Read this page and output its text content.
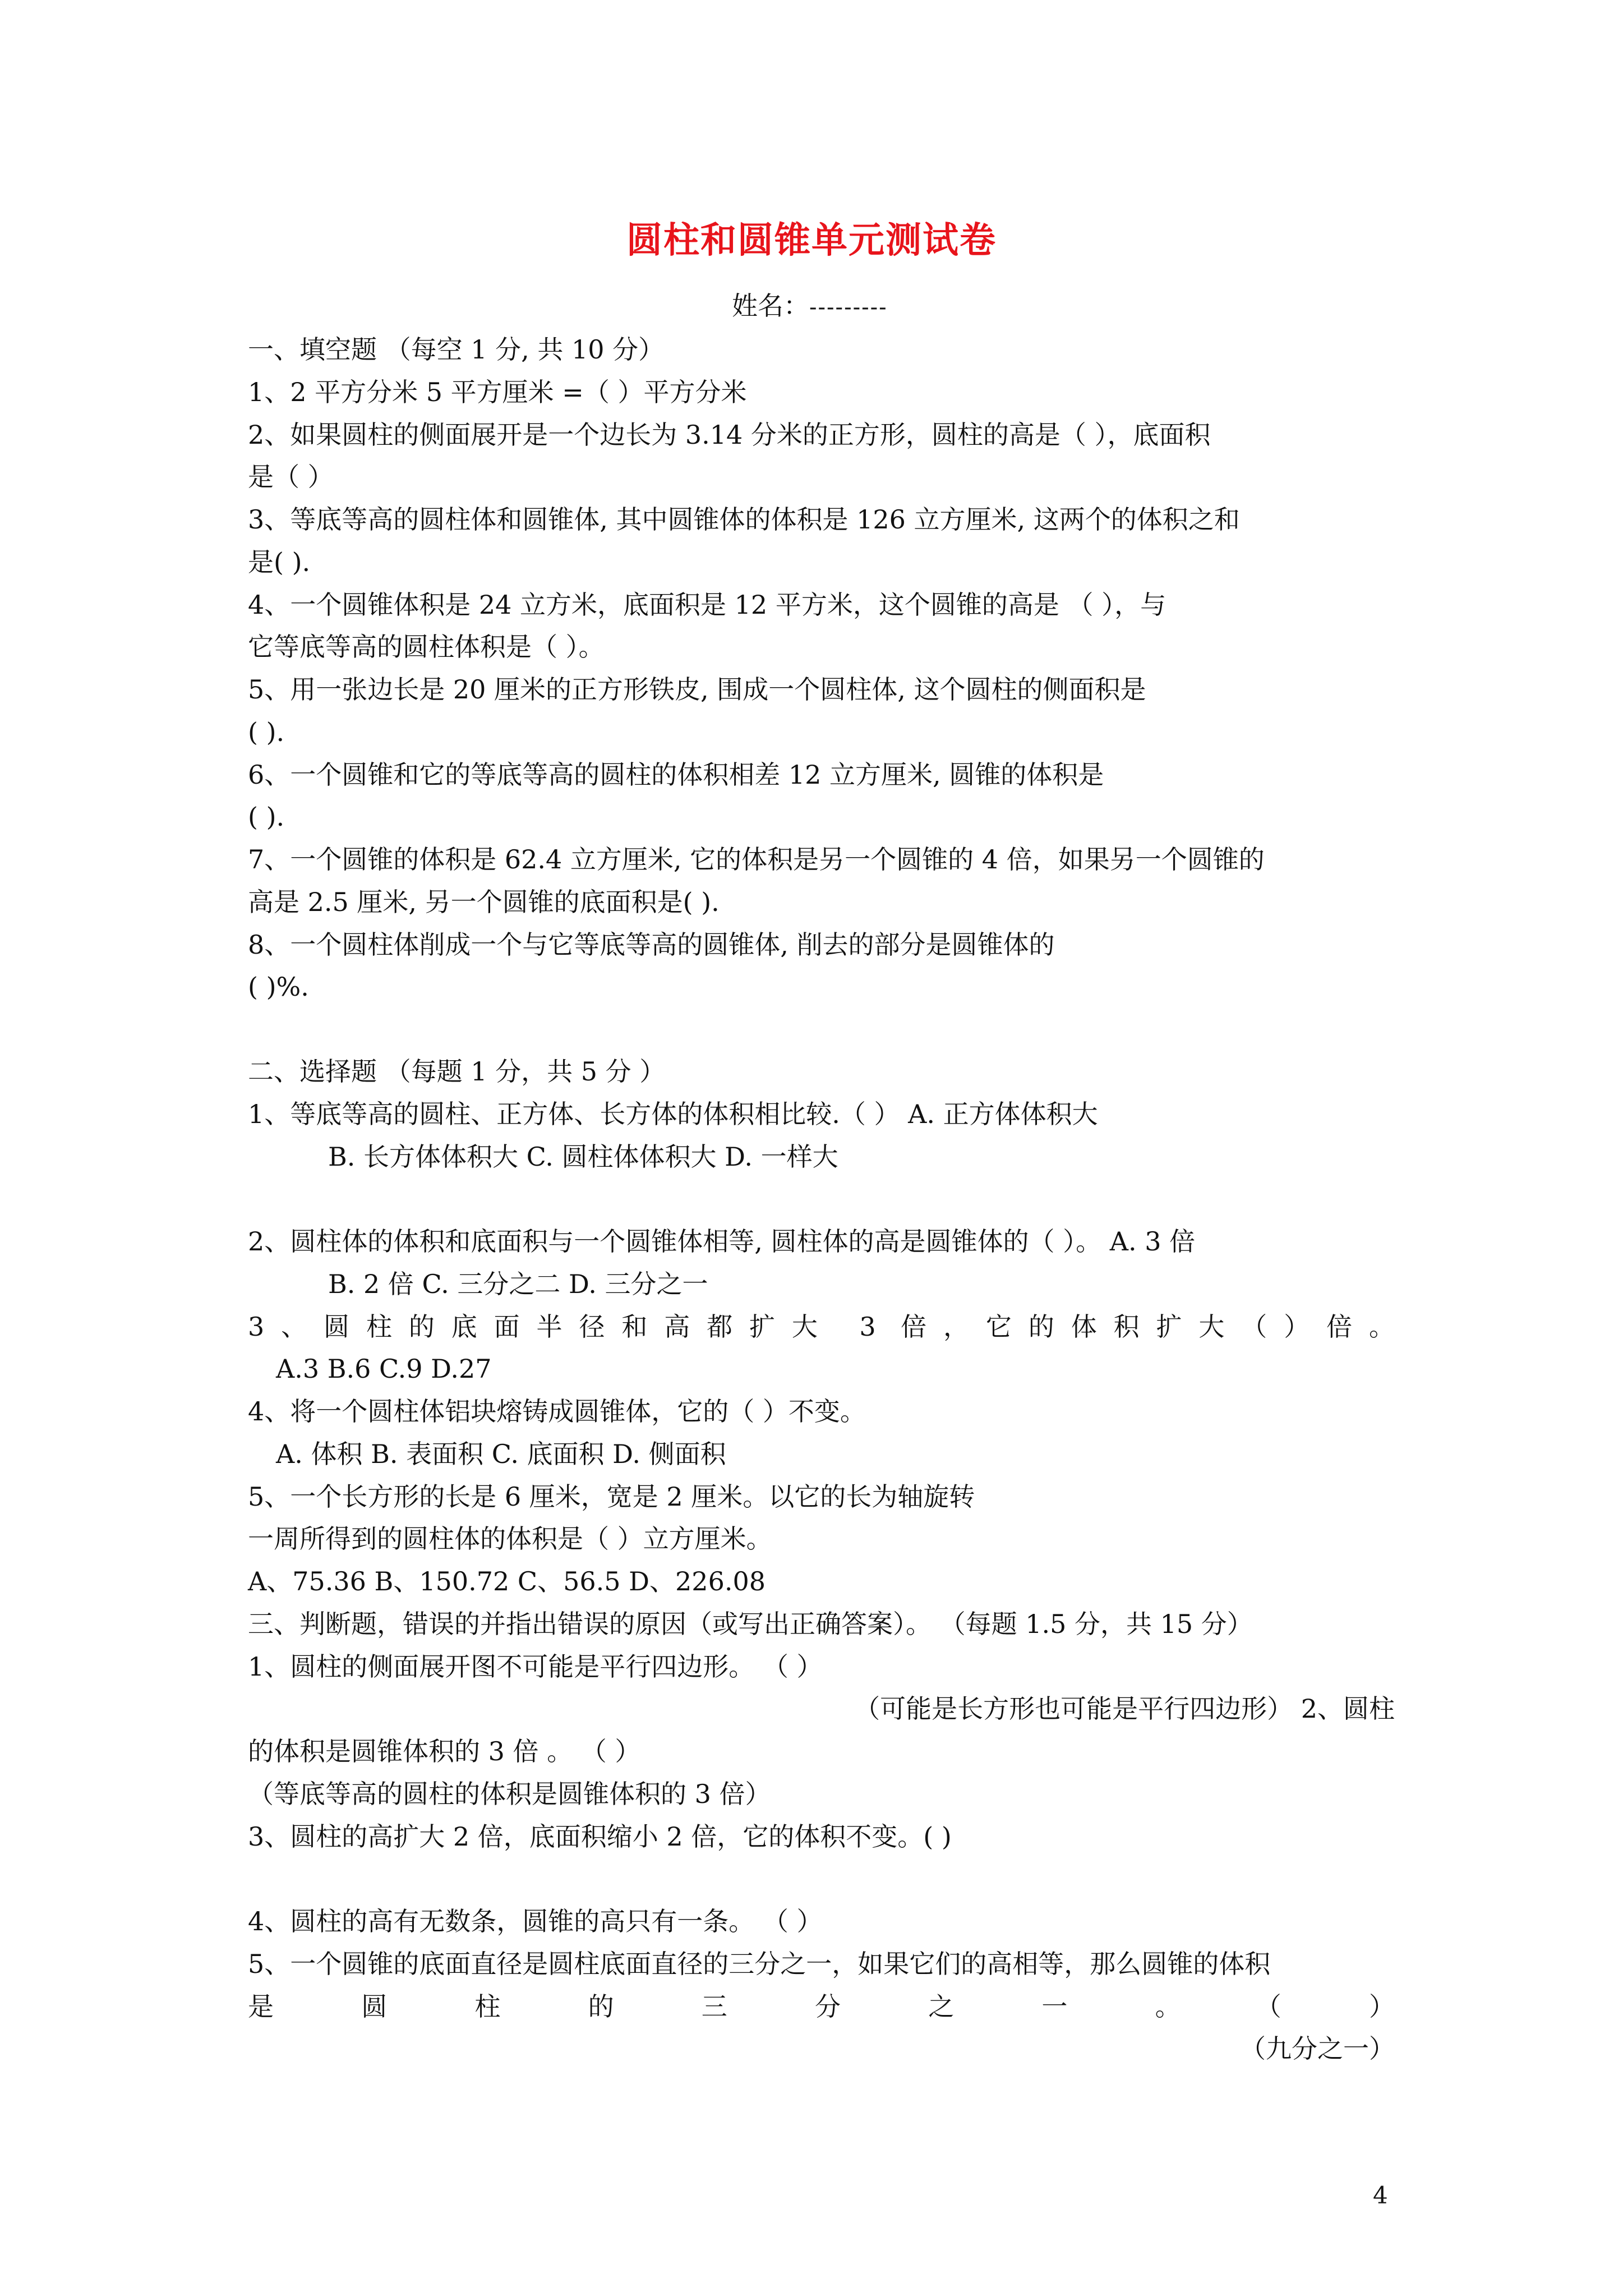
圆柱和圆锥单元测试卷
姓名：---------
一、填空题 （每空 1 分, 共 10 分）
1、2 平方分米 5 平方厘米 =（ ）平方分米
2、如果圆柱的侧面展开是一个边长为 3.14 分米的正方形，圆柱的高是（ ），底面积
是（ ）
3、等底等高的圆柱体和圆锥体, 其中圆锥体的体积是 126 立方厘米, 这两个的体积之和
是( ).
4、一个圆锥体积是 24 立方米，底面积是 12 平方米，这个圆锥的高是 （ ），与
它等底等高的圆柱体积是（ ）。
5、用一张边长是 20 厘米的正方形铁皮, 围成一个圆柱体, 这个圆柱的侧面积是
( ).
6、一个圆锥和它的等底等高的圆柱的体积相差 12 立方厘米, 圆锥的体积是
( ).
7、一个圆锥的体积是 62.4 立方厘米, 它的体积是另一个圆锥的 4 倍，如果另一个圆锥的
高是 2.5 厘米, 另一个圆锥的底面积是( ).
8、一个圆柱体削成一个与它等底等高的圆锥体, 削去的部分是圆锥体的
( )%.
二、选择题 （每题 1 分，共 5 分 ）
1、等底等高的圆柱、正方体、长方体的体积相比较.（ ） A. 正方体体积大
B. 长方体体积大 C. 圆柱体体积大 D. 一样大
2、圆柱体的体积和底面积与一个圆锥体相等, 圆柱体的高是圆锥体的（ ）。 A. 3 倍
B. 2 倍 C. 三分之二 D. 三分之一
3、圆柱的底面半径和高都扩大 3 倍，它的体积扩大（）倍。
A.3 B.6 C.9 D.27
4、将一个圆柱体铝块熔铸成圆锥体，它的（ ）不变。
A. 体积 B. 表面积 C. 底面积 D. 侧面积
5、一个长方形的长是 6 厘米，宽是 2 厘米。以它的长为轴旋转
一周所得到的圆柱体的体积是（ ）立方厘米。
A、75.36 B、150.72 C、56.5 D、226.08
三、判断题，错误的并指出错误的原因（或写出正确答案）。 （每题 1.5 分，共 15 分）
1、圆柱的侧面展开图不可能是平行四边形。 （ ）
（可能是长方形也可能是平行四边形） 2、圆柱
的体积是圆锥体积的 3 倍 。 （ ）
（等底等高的圆柱的体积是圆锥体积的 3 倍）
3、圆柱的高扩大 2 倍，底面积缩小 2 倍，它的体积不变。( )
4、圆柱的高有无数条，圆锥的高只有一条。 （ ）
5、一个圆锥的底面直径是圆柱底面直径的三分之一，如果它们的高相等，那么圆锥的体积
是圆柱的三分之一。（）
（九分之一）
4
